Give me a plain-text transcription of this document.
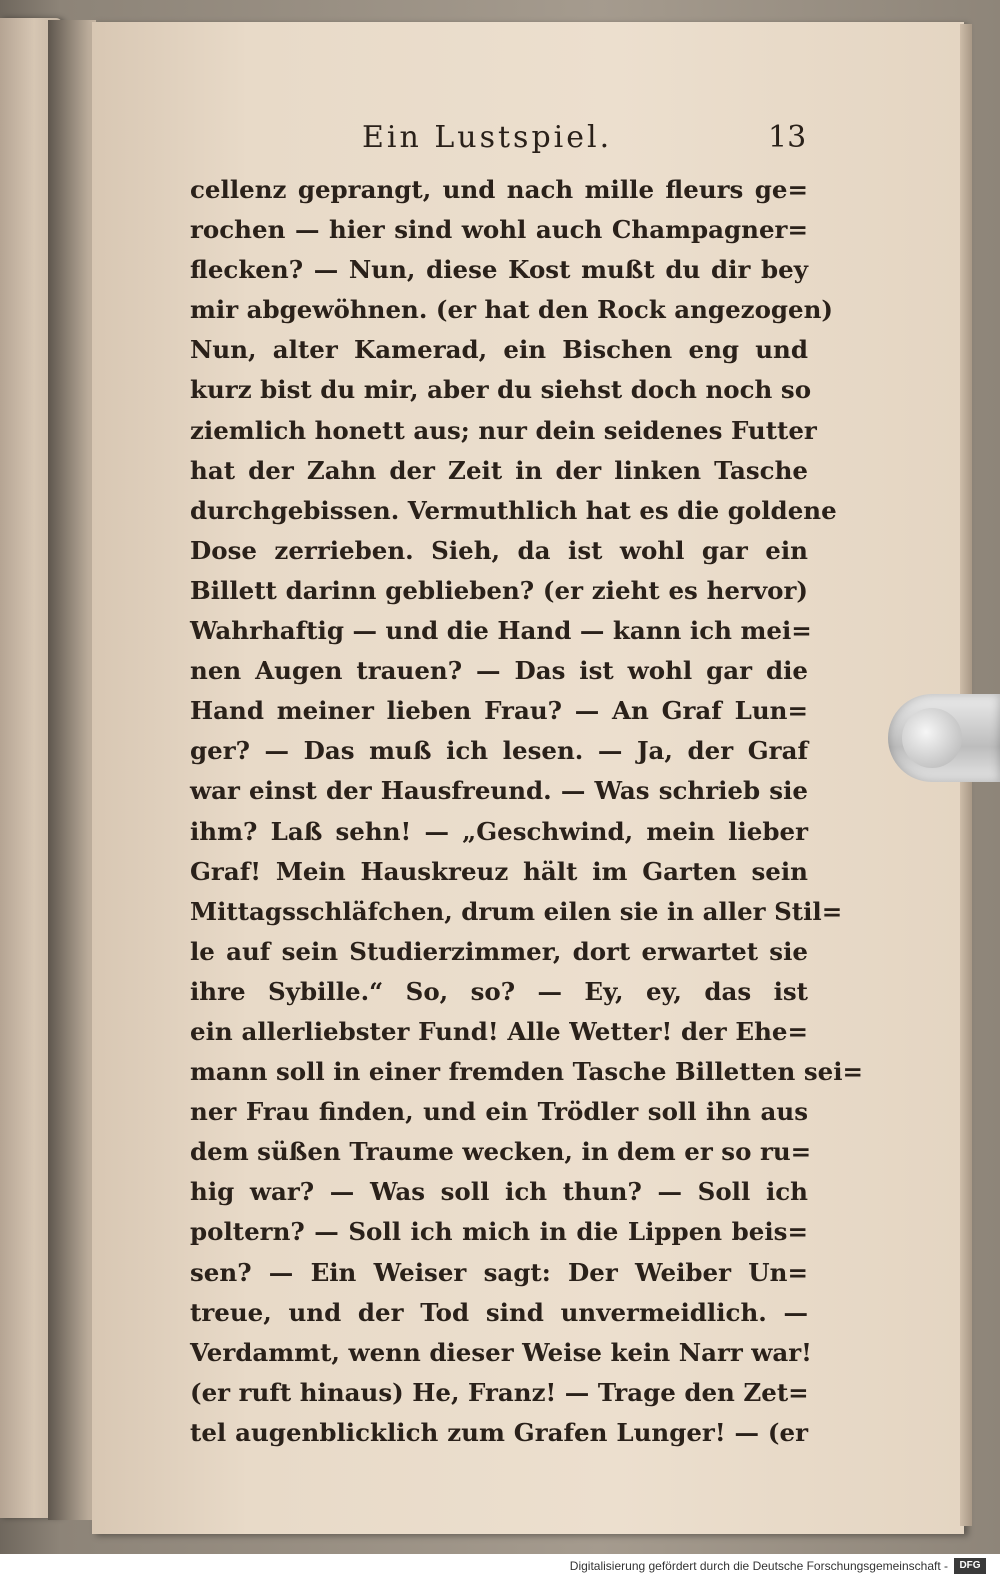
Ein Lustspiel.	13
cellenz geprangt, und nach mille fleurs ge=
rochen — hier sind wohl auch Champagner=
flecken? — Nun, diese Kost mußt du dir bey
mir abgewöhnen. (er hat den Rock angezogen)
Nun, alter Kamerad, ein Bischen eng und
kurz bist du mir, aber du siehst doch noch so
ziemlich honett aus; nur dein seidenes Futter
hat der Zahn der Zeit in der linken Tasche
durchgebissen. Vermuthlich hat es die goldene
Dose zerrieben. Sieh, da ist wohl gar ein
Billett darinn geblieben? (er zieht es hervor)
Wahrhaftig — und die Hand — kann ich mei=
nen Augen trauen? — Das ist wohl gar die
Hand meiner lieben Frau? — An Graf Lun=
ger? — Das muß ich lesen. — Ja, der Graf
war einst der Hausfreund. — Was schrieb sie
ihm? Laß sehn! — „Geschwind, mein lieber
Graf! Mein Hauskreuz hält im Garten sein
Mittagsschläfchen, drum eilen sie in aller Stil=
le auf sein Studierzimmer, dort erwartet sie
ihre Sybille.“ So, so? — Ey, ey, das ist
ein allerliebster Fund! Alle Wetter! der Ehe=
mann soll in einer fremden Tasche Billetten sei=
ner Frau finden, und ein Trödler soll ihn aus
dem süßen Traume wecken, in dem er so ru=
hig war? — Was soll ich thun? — Soll ich
poltern? — Soll ich mich in die Lippen beis=
sen? — Ein Weiser sagt: Der Weiber Un=
treue, und der Tod sind unvermeidlich. —
Verdammt, wenn dieser Weise kein Narr war!
(er ruft hinaus) He, Franz! — Trage den Zet=
tel augenblicklich zum Grafen Lunger! — (er
Digitalisierung gefördert durch die Deutsche Forschungsgemeinschaft -	DFG
